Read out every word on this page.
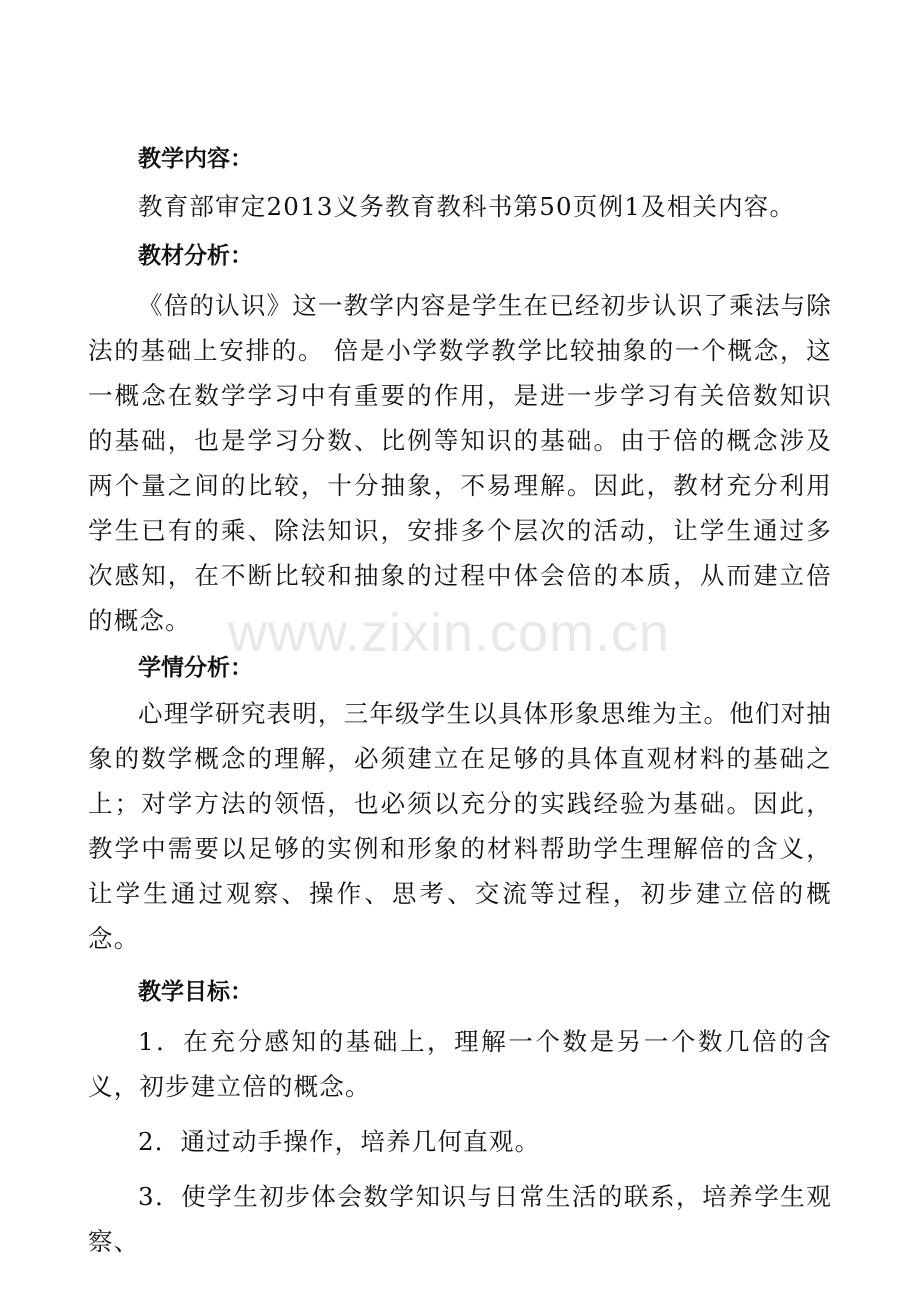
教学内容：

教育部审定2013义务教育教科书第50页例1及相关内容。

教材分析：

《倍的认识》这一教学内容是学生在已经初步认识了乘法与除法的基础上安排的。 倍是小学数学教学比较抽象的一个概念，这一概念在数学学习中有重要的作用，是进一步学习有关倍数知识的基础，也是学习分数、比例等知识的基础。由于倍的概念涉及两个量之间的比较，十分抽象，不易理解。因此，教材充分利用学生已有的乘、除法知识，安排多个层次的活动，让学生通过多次感知，在不断比较和抽象的过程中体会倍的本质，从而建立倍的概念。

学情分析：

心理学研究表明，三年级学生以具体形象思维为主。他们对抽象的数学概念的理解，必须建立在足够的具体直观材料的基础之上；对学方法的领悟，也必须以充分的实践经验为基础。因此，教学中需要以足够的实例和形象的材料帮助学生理解倍的含义，让学生通过观察、操作、思考、交流等过程，初步建立倍的概念。

教学目标：

1．在充分感知的基础上，理解一个数是另一个数几倍的含义，初步建立倍的概念。

2．通过动手操作，培养几何直观。

3．使学生初步体会数学知识与日常生活的联系，培养学生观察、

www.zixin.com.cn
